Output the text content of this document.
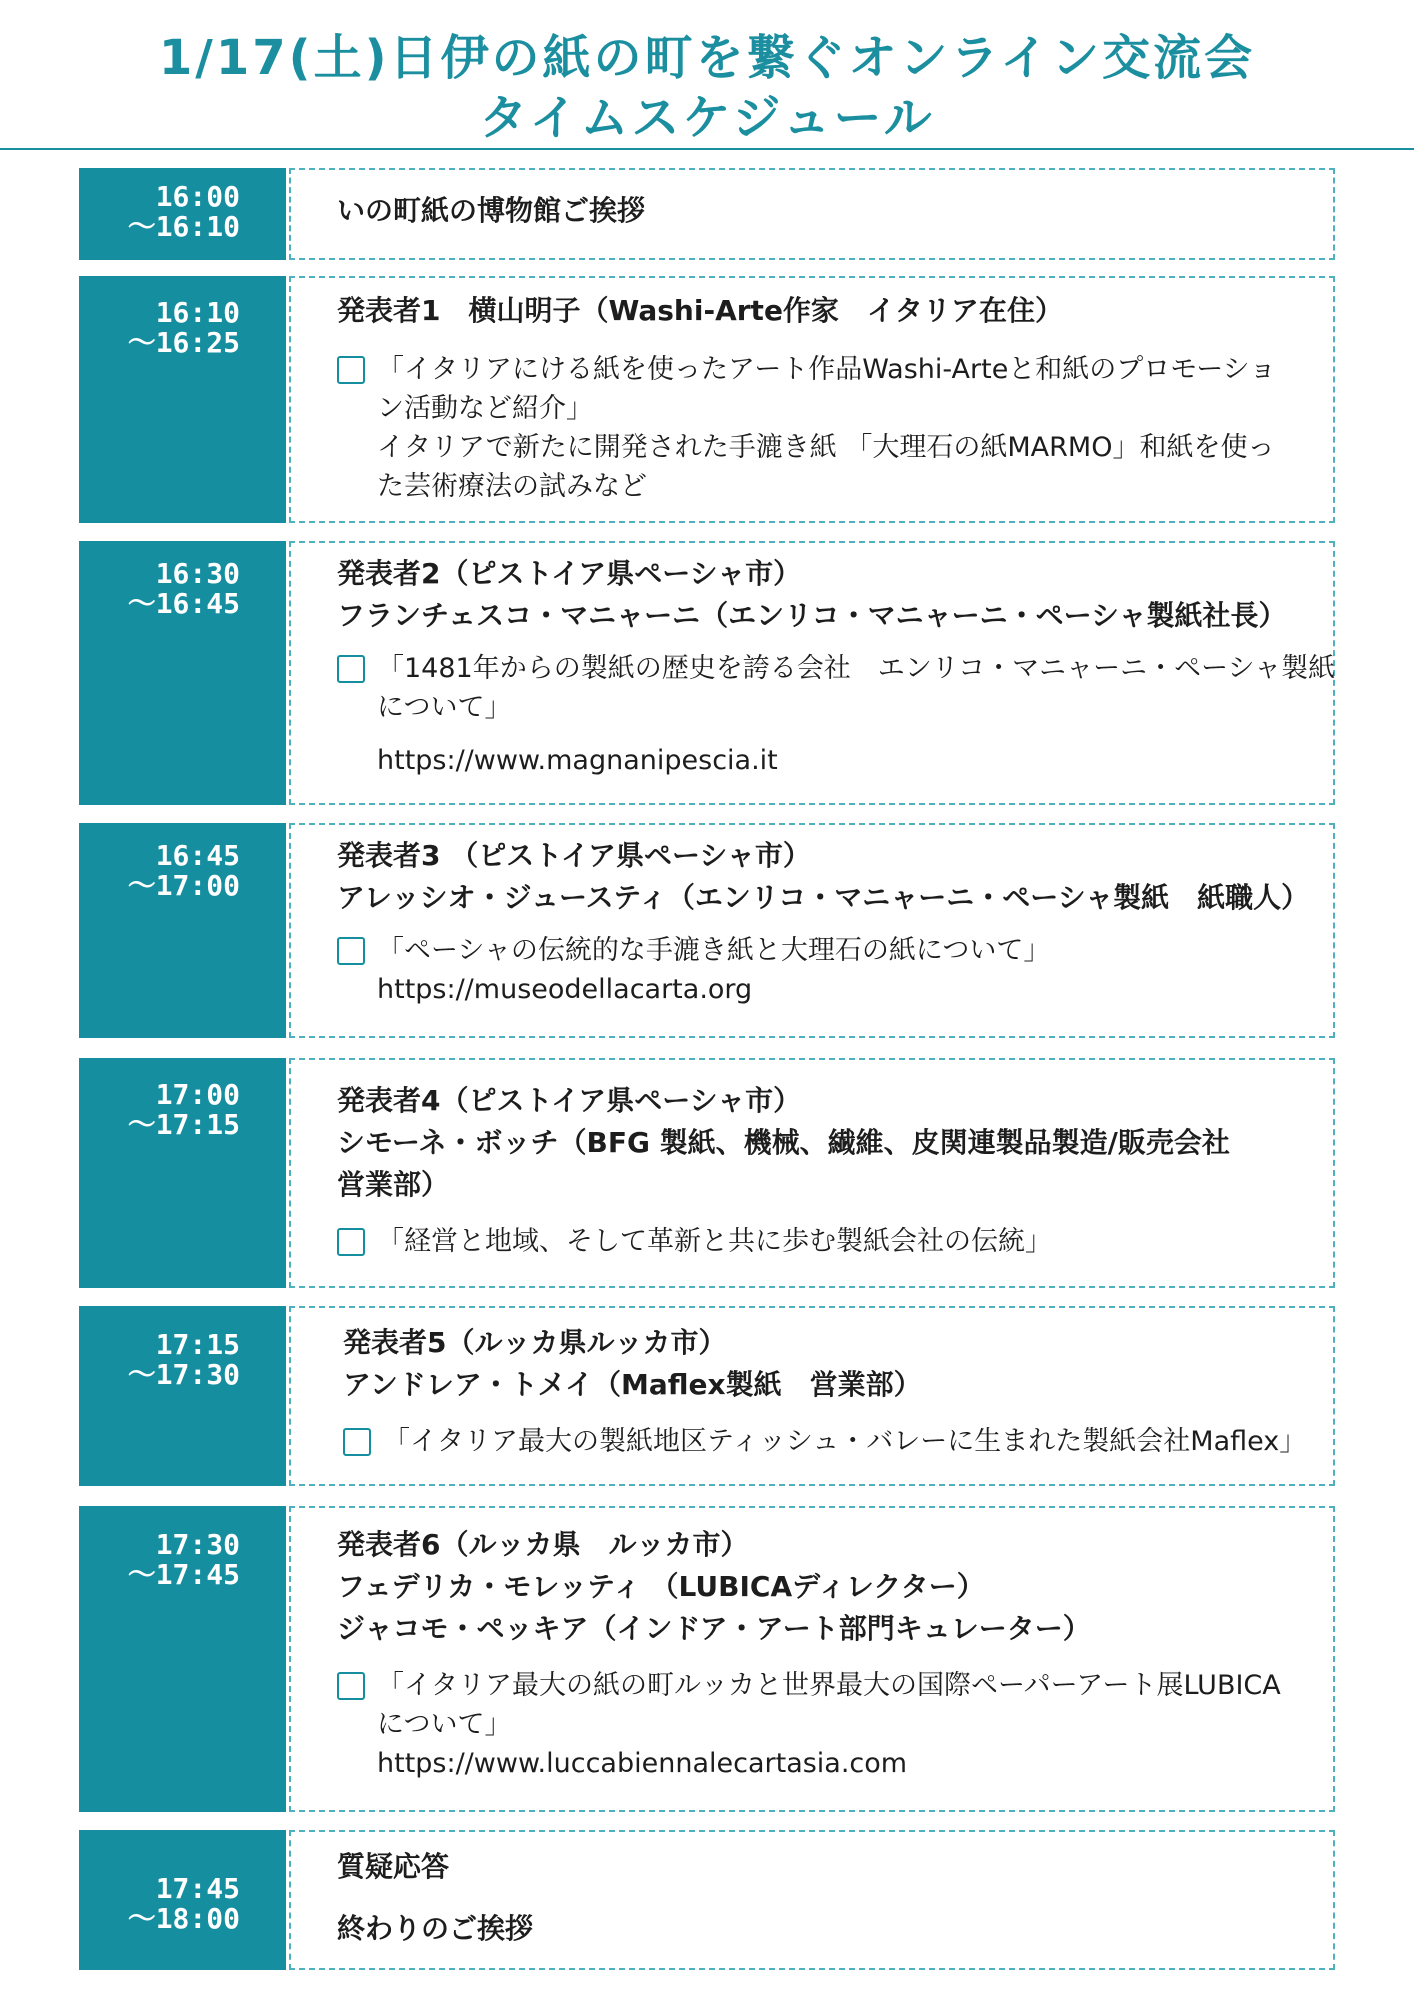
1/17(土)日伊の紙の町を繋ぐオンライン交流会
タイムスケジュール
16:00
～16:10	いの町紙の博物館ご挨拶
16:10
～16:25
発表者1　横山明子（Washi-Arte作家　イタリア在住）
「イタリアにける紙を使ったアート作品Washi-Arteと和紙のプロモーショ
ン活動など紹介」
イタリアで新たに開発された手漉き紙 「大理石の紙MARMO」和紙を使っ
た芸術療法の試みなど
16:30
～16:45
発表者2（ピストイア県ペーシャ市）
フランチェスコ・マニャーニ（エンリコ・マニャーニ・ペーシャ製紙社長）
「1481年からの製紙の歴史を誇る会社　エンリコ・マニャーニ・ペーシャ製紙
について」
https://www.magnanipescia.it
16:45
～17:00
発表者3 （ピストイア県ペーシャ市）
アレッシオ・ジュースティ（エンリコ・マニャーニ・ペーシャ製紙　紙職人）
「ペーシャの伝統的な手漉き紙と大理石の紙について」
https://museodellacarta.org
17:00
～17:15
発表者4（ピストイア県ペーシャ市）
シモーネ・ボッチ（BFG 製紙、機械、繊維、皮関連製品製造/販売会社
営業部）
「経営と地域、そして革新と共に歩む製紙会社の伝統」
17:15
～17:30
発表者5（ルッカ県ルッカ市）
アンドレア・トメイ（Maflex製紙　営業部）
「イタリア最大の製紙地区ティッシュ・バレーに生まれた製紙会社Maflex」
17:30
～17:45
発表者6（ルッカ県　ルッカ市）
フェデリカ・モレッティ （LUBICAディレクター）
ジャコモ・ペッキア（インドア・アート部門キュレーター）
「イタリア最大の紙の町ルッカと世界最大の国際ペーパーアート展LUBICA
について」
https://www.luccabiennalecartasia.com
17:45
～18:00
質疑応答
終わりのご挨拶
